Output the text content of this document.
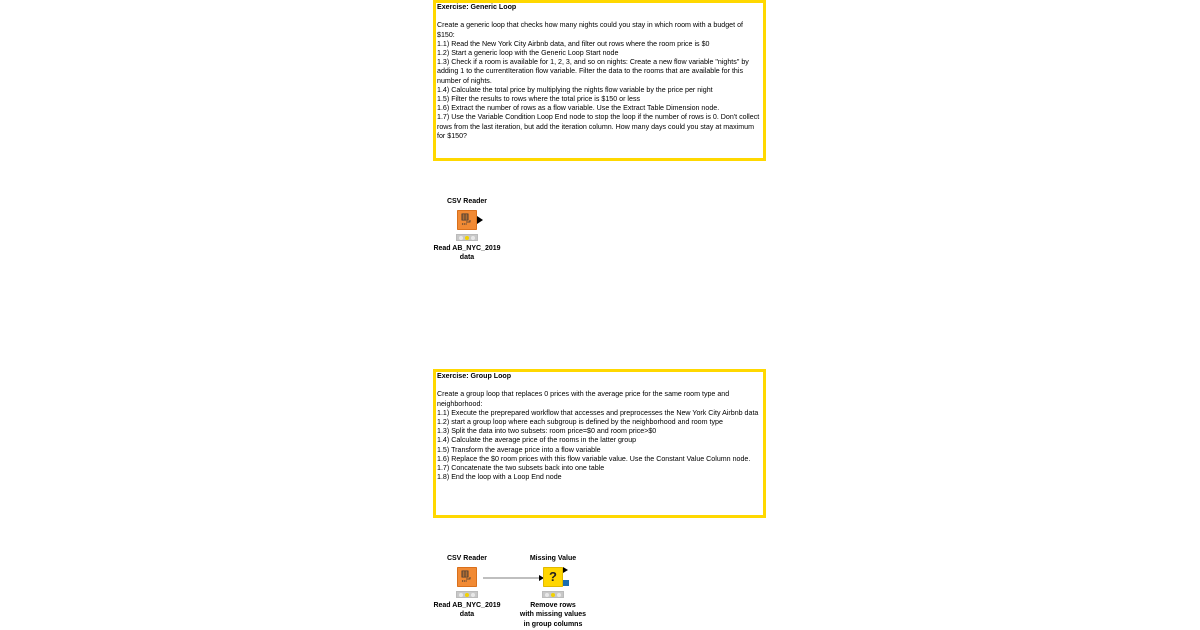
Exercise: Generic Loop
Create a generic loop that checks how many nights could you stay in which room with a budget of $150:
1.1) Read the New York City Airbnb data, and filter out rows where the room price is $0
1.2) Start a generic loop with the Generic Loop Start node
1.3) Check if a room is available for 1, 2, 3, and so on nights: Create a new flow variable "nights" by adding 1 to the currentIteration flow variable. Filter the data to the rooms that are available for this number of nights.
1.4) Calculate the total price by multiplying the nights flow variable by the price per night
1.5) Filter the results to rows where the total price is $150 or less
1.6) Extract the number of rows as a flow variable. Use the Extract Table Dimension node.
1.7) Use the Variable Condition Loop End node to stop the loop if the number of rows is 0. Don't collect rows from the last iteration, but add the iteration column. How many days could you stay at maximum for $150?
CSV Reader
Read AB_NYC_2019
data
Exercise: Group Loop
Create a group loop that replaces 0 prices with the average price for the same room type and neighborhood:
1.1) Execute the preprepared workflow that accesses and preprocesses the New York City Airbnb data
1.2) start a group loop where each subgroup is defined by the neighborhood and room type
1.3) Split the data into two subsets: room price=$0 and room price>$0
1.4) Calculate the average price of the rooms in the latter group
1.5) Transform the average price into a flow variable
1.6) Replace the $0 room prices with this flow variable value. Use the Constant Value Column node.
1.7) Concatenate the two subsets back into one table
1.8) End the loop with a Loop End node
CSV Reader
Read AB_NYC_2019
data
Missing Value
?
Remove rows
with missing values
in group columns
